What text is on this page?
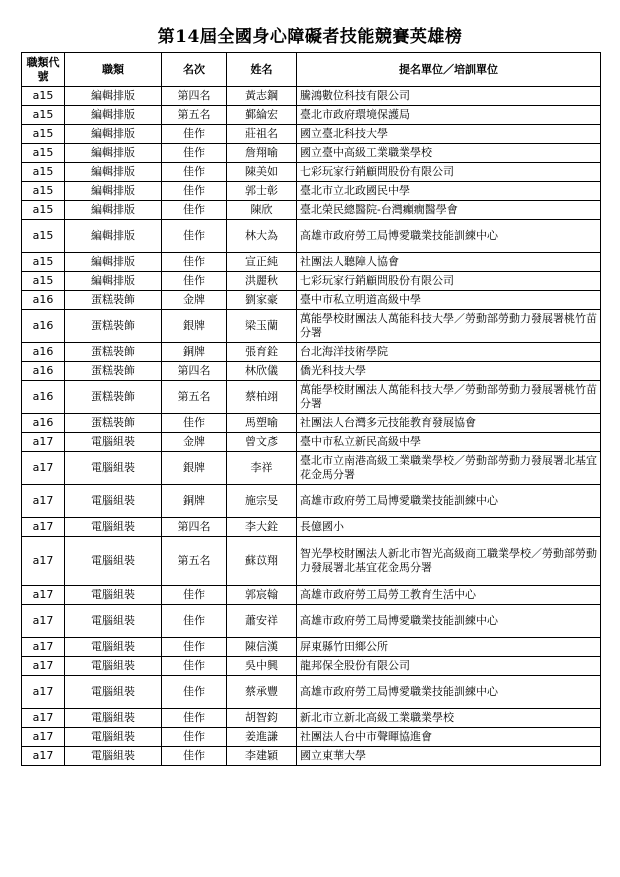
第14屆全國身心障礙者技能競賽英雄榜
職類代號	職類	名次	姓名	提名單位／培訓單位
a15	編輯排版	第四名	黃志鋼	騰鴻數位科技有限公司
a15	編輯排版	第五名	鄞綸宏	臺北市政府環境保護局
a15	編輯排版	佳作	莊祖名	國立臺北科技大學
a15	編輯排版	佳作	詹翔喻	國立臺中高級工業職業學校
a15	編輯排版	佳作	陳美如	七彩玩家行銷顧問股份有限公司
a15	編輯排版	佳作	郭士彰	臺北市立北政國民中學
a15	編輯排版	佳作	陳欣	臺北榮民總醫院-台灣癲癇醫學會
a15	編輯排版	佳作	林大為	高雄市政府勞工局博愛職業技能訓練中心
a15	編輯排版	佳作	宣正純	社團法人聽障人協會
a15	編輯排版	佳作	洪麗秋	七彩玩家行銷顧問股份有限公司
a16	蛋糕裝飾	金牌	劉家豪	臺中市私立明道高級中學
a16	蛋糕裝飾	銀牌	梁玉蘭	萬能學校財團法人萬能科技大學／勞動部勞動力發展署桃竹苗分署
a16	蛋糕裝飾	銅牌	張育銓	台北海洋技術學院
a16	蛋糕裝飾	第四名	林欣儀	僑光科技大學
a16	蛋糕裝飾	第五名	蔡柏翊	萬能學校財團法人萬能科技大學／勞動部勞動力發展署桃竹苗分署
a16	蛋糕裝飾	佳作	馬塑喻	社團法人台灣多元技能教育發展協會
a17	電腦組裝	金牌	曾文彥	臺中市私立新民高級中學
a17	電腦組裝	銀牌	李祥	臺北市立南港高級工業職業學校／勞動部勞動力發展署北基宜花金馬分署
a17	電腦組裝	銅牌	施宗旻	高雄市政府勞工局博愛職業技能訓練中心
a17	電腦組裝	第四名	李大銓	長億國小
a17	電腦組裝	第五名	蘇苡翔	智光學校財團法人新北市智光高級商工職業學校／勞動部勞動力發展署北基宜花金馬分署
a17	電腦組裝	佳作	郭宸翰	高雄市政府勞工局勞工教育生活中心
a17	電腦組裝	佳作	蕭安祥	高雄市政府勞工局博愛職業技能訓練中心
a17	電腦組裝	佳作	陳信漢	屏東縣竹田鄉公所
a17	電腦組裝	佳作	吳中興	龍邦保全股份有限公司
a17	電腦組裝	佳作	蔡承豐	高雄市政府勞工局博愛職業技能訓練中心
a17	電腦組裝	佳作	胡智鈞	新北市立新北高級工業職業學校
a17	電腦組裝	佳作	姜進謙	社團法人台中市聲暉協進會
a17	電腦組裝	佳作	李建穎	國立東華大學
